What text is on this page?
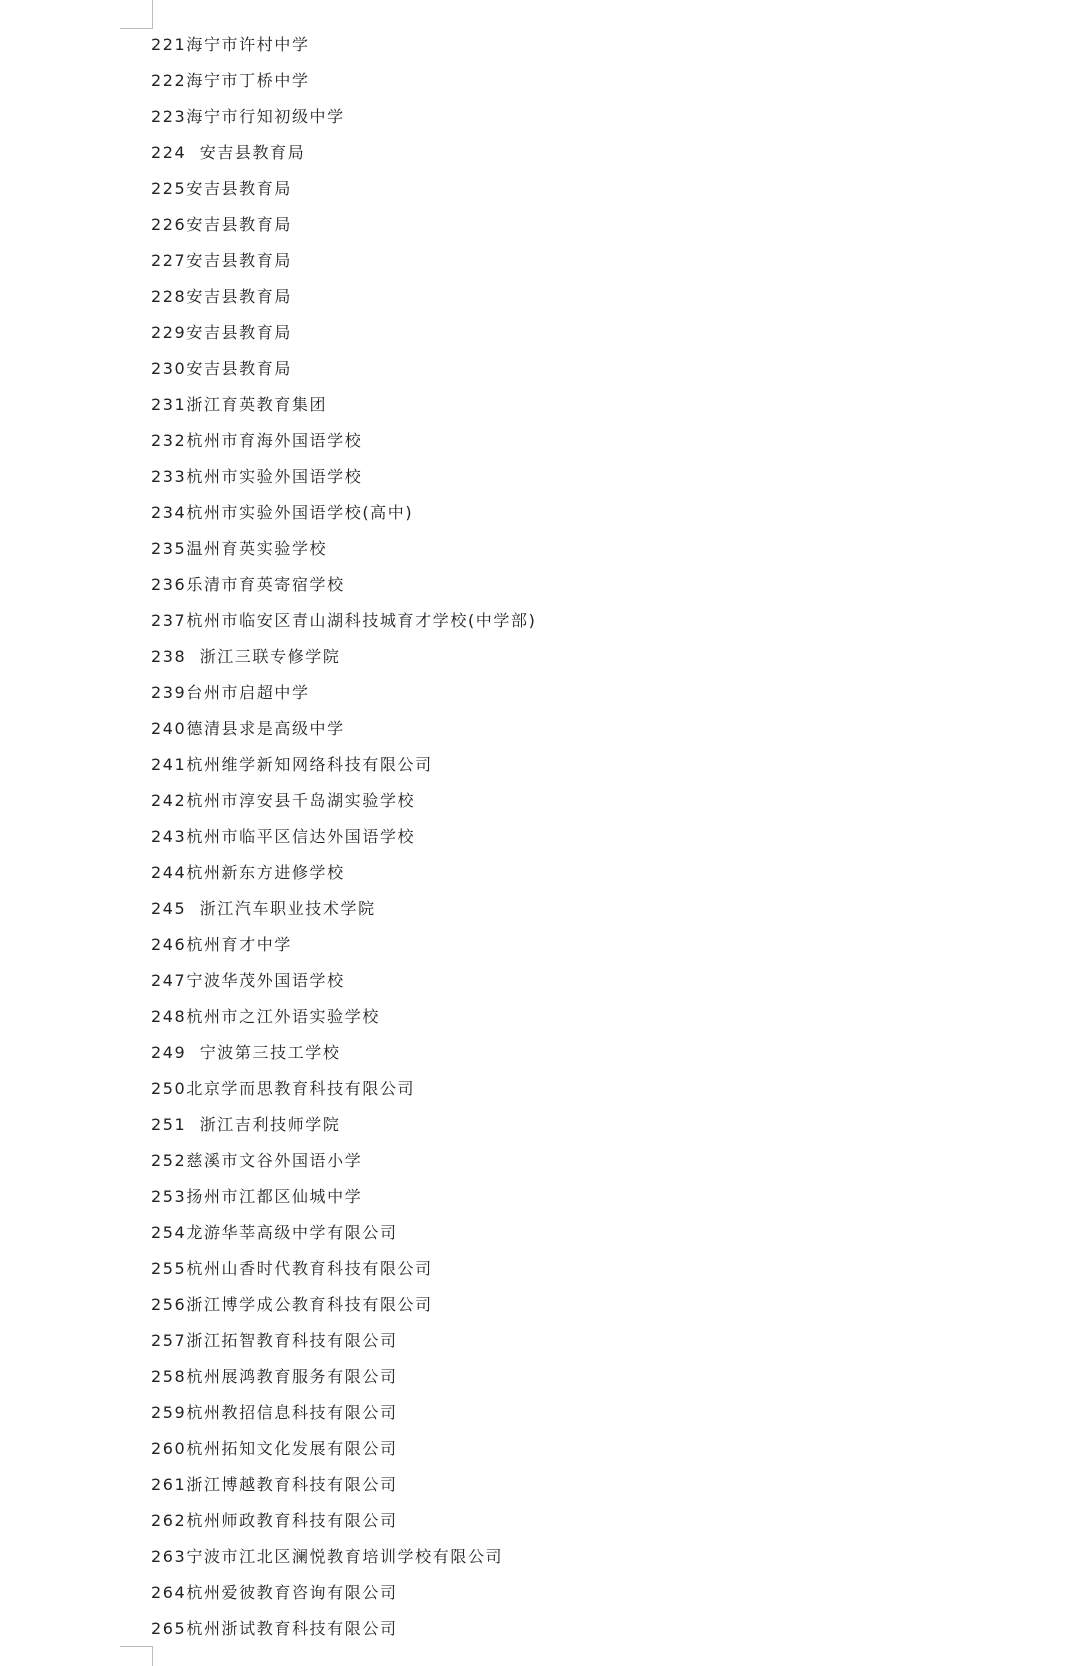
221海宁市许村中学
222海宁市丁桥中学
223海宁市行知初级中学
224  安吉县教育局
225安吉县教育局
226安吉县教育局
227安吉县教育局
228安吉县教育局
229安吉县教育局
230安吉县教育局
231浙江育英教育集团
232杭州市育海外国语学校
233杭州市实验外国语学校
234杭州市实验外国语学校(高中)
235温州育英实验学校
236乐清市育英寄宿学校
237杭州市临安区青山湖科技城育才学校(中学部)
238  浙江三联专修学院
239台州市启超中学
240德清县求是高级中学
241杭州维学新知网络科技有限公司
242杭州市淳安县千岛湖实验学校
243杭州市临平区信达外国语学校
244杭州新东方进修学校
245  浙江汽车职业技术学院
246杭州育才中学
247宁波华茂外国语学校
248杭州市之江外语实验学校
249  宁波第三技工学校
250北京学而思教育科技有限公司
251  浙江吉利技师学院
252慈溪市文谷外国语小学
253扬州市江都区仙城中学
254龙游华莘高级中学有限公司
255杭州山香时代教育科技有限公司
256浙江博学成公教育科技有限公司
257浙江拓智教育科技有限公司
258杭州展鸿教育服务有限公司
259杭州教招信息科技有限公司
260杭州拓知文化发展有限公司
261浙江博越教育科技有限公司
262杭州师政教育科技有限公司
263宁波市江北区澜悦教育培训学校有限公司
264杭州爱彼教育咨询有限公司
265杭州浙试教育科技有限公司
